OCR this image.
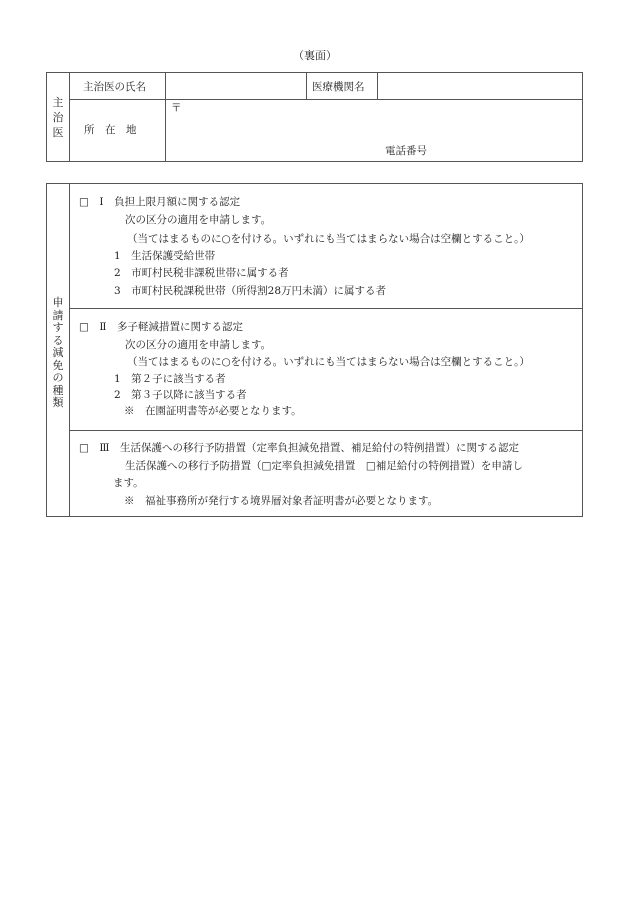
（裏面）
主治医
主治医の氏名	医療機関名
所　在　地
〒
電話番号
申請する減免の種類
□　Ⅰ　負担上限月額に関する認定
次の区分の適用を申請します。
（当てはまるものに○を付ける。いずれにも当てはまらない場合は空欄とすること。）
1　生活保護受給世帯
2　市町村民税非課税世帯に属する者
3　市町村民税課税世帯（所得割28万円未満）に属する者
□　Ⅱ　多子軽減措置に関する認定
次の区分の適用を申請します。
（当てはまるものに○を付ける。いずれにも当てはまらない場合は空欄とすること。）
1　第２子に該当する者
2　第３子以降に該当する者
※　在園証明書等が必要となります。
□　Ⅲ　生活保護への移行予防措置（定率負担減免措置、補足給付の特例措置）に関する認定
生活保護への移行予防措置（□定率負担減免措置　□補足給付の特例措置）を申請し
ます。
※　福祉事務所が発行する境界層対象者証明書が必要となります。
